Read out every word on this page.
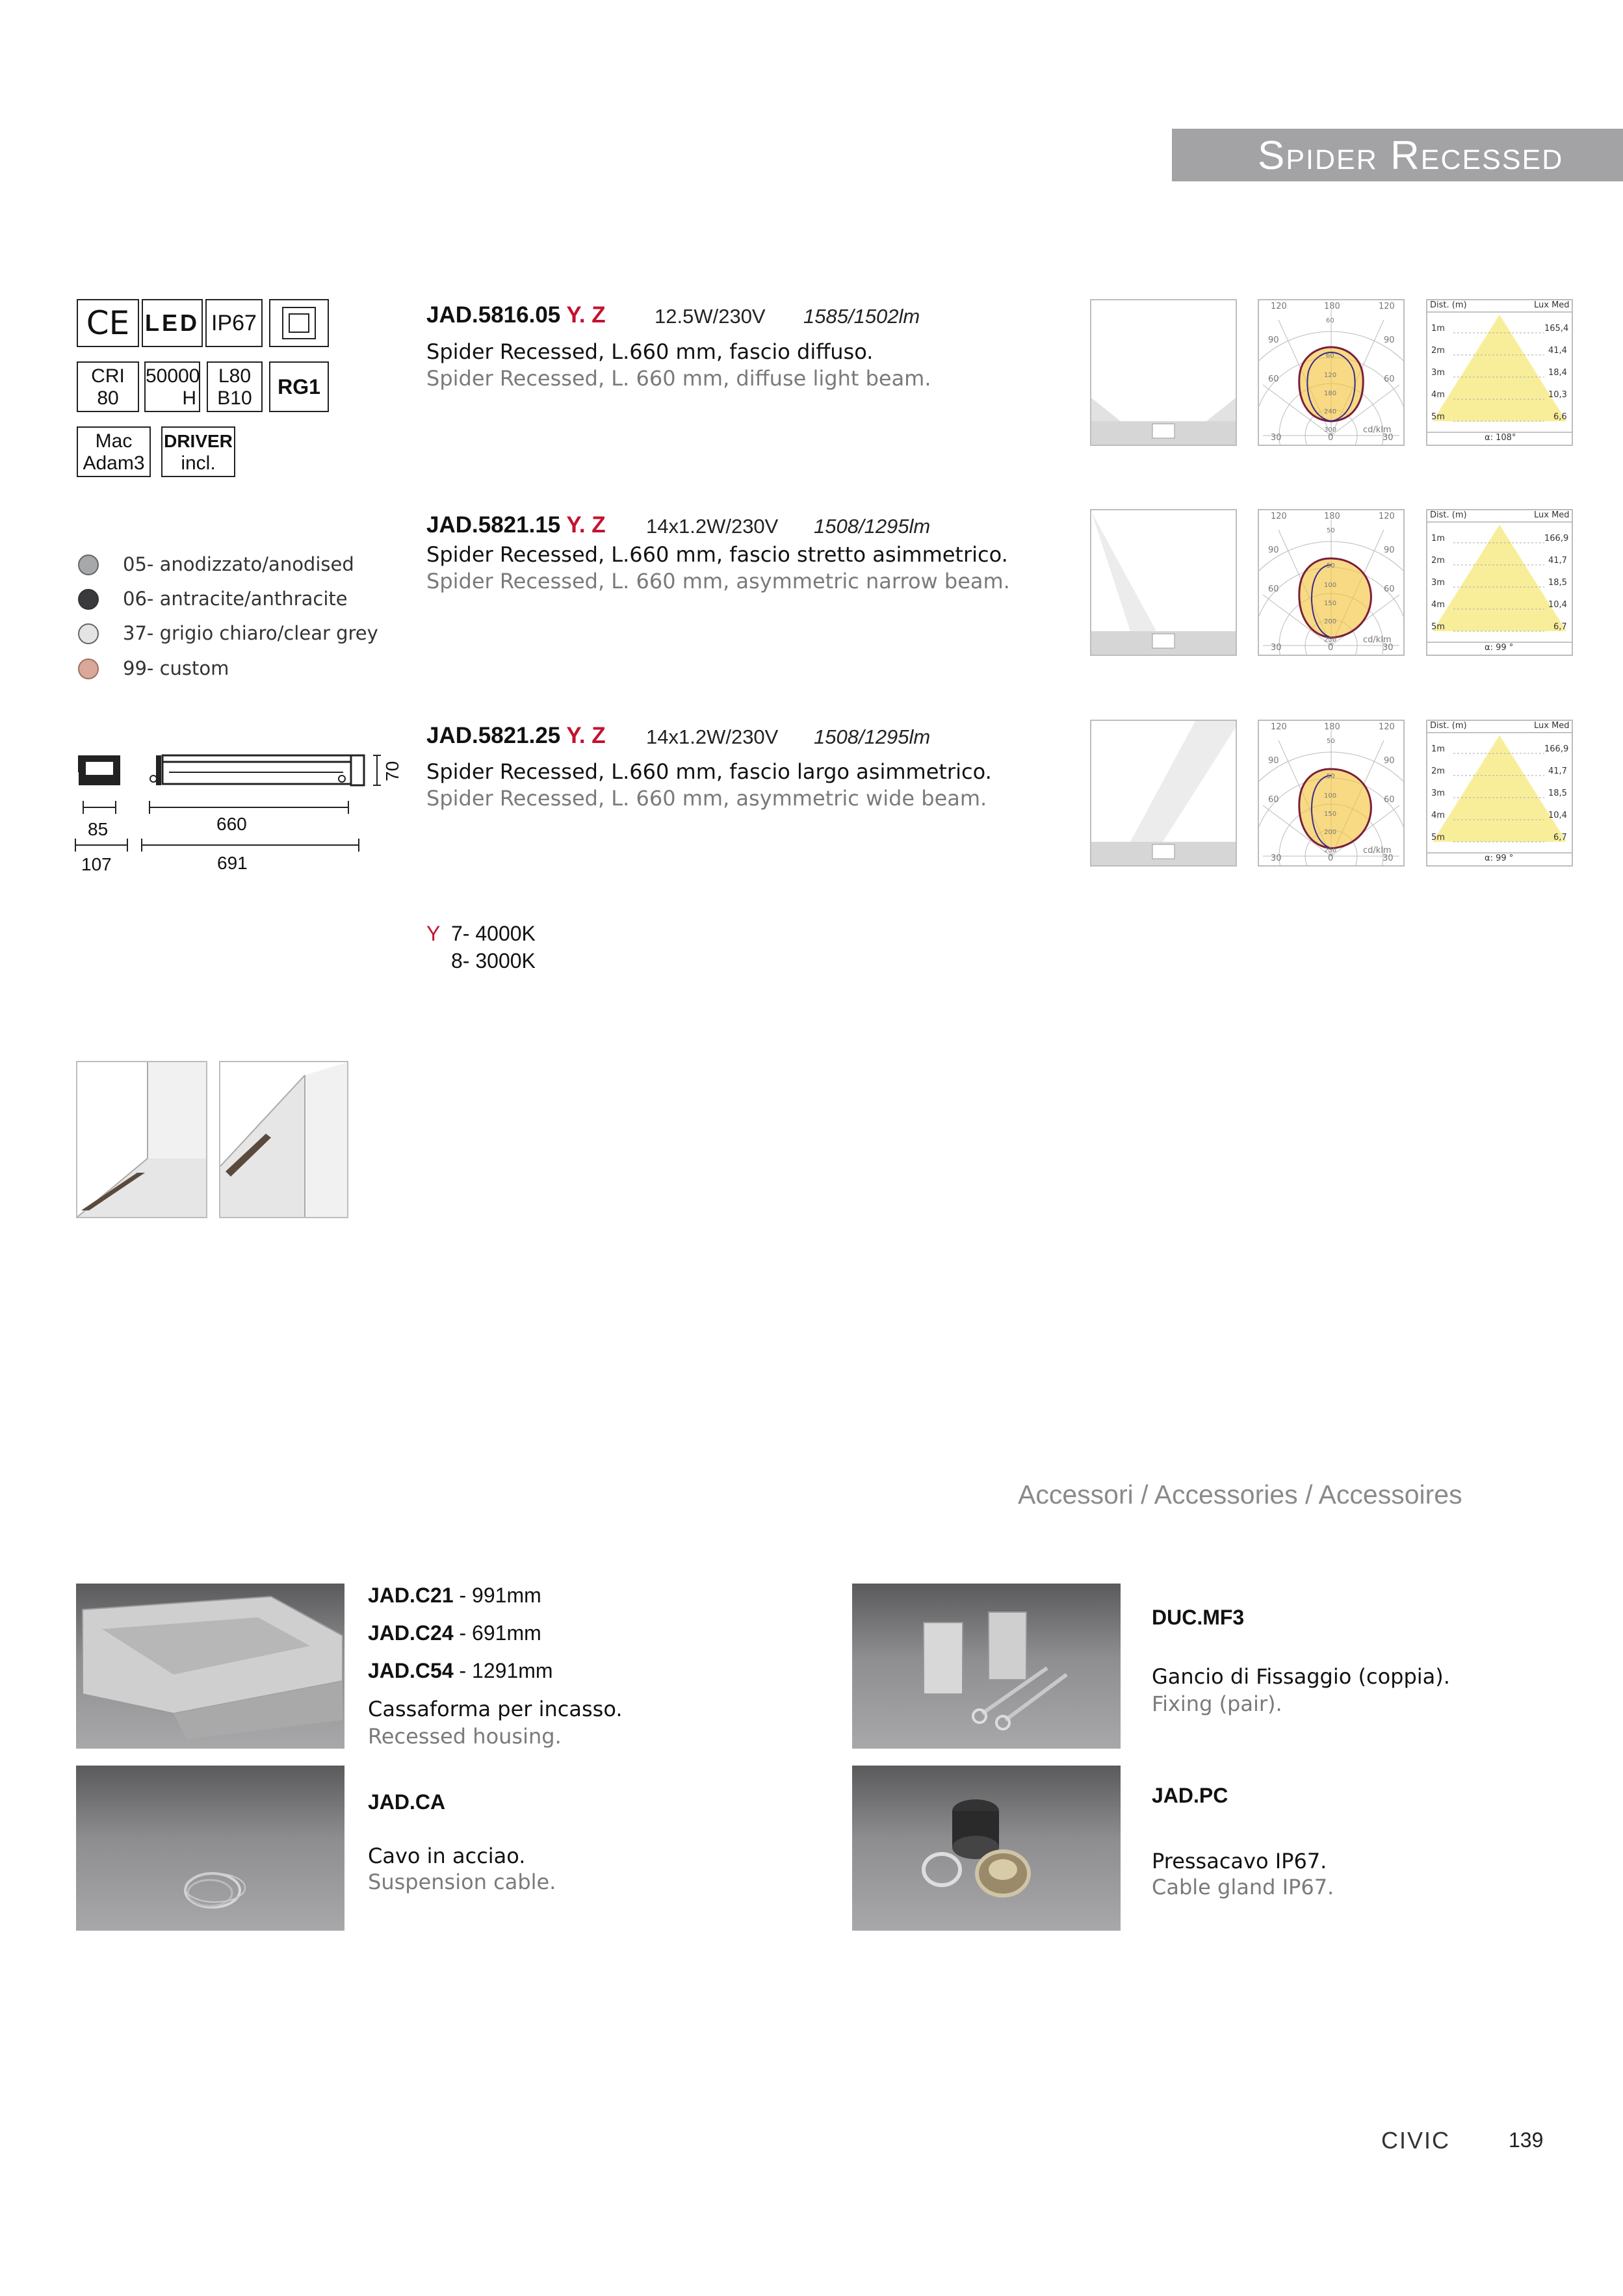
Spider Recessed
CE LED IP67
CRI
80
50000
H
L80
B10	RG1
Mac
Adam3
DRIVER
incl.
05- anodizzato/anodised
06- antracite/anthracite
37- grigio chiaro/clear grey
99- custom
70
660
691
85
107
JAD.5816.05 Y. Z 12.5W/230V 1585/1502lm
Spider Recessed, L.660 mm, fascio diffuso.
Spider Recessed, L. 660 mm, diffuse light beam.
JAD.5821.15 Y. Z 14x1.2W/230V 1508/1295lm
Spider Recessed, L.660 mm, fascio stretto asimmetrico.
Spider Recessed, L. 660 mm, asymmetric narrow beam.
JAD.5821.25 Y. Z 14x1.2W/230V 1508/1295lm
Spider Recessed, L.660 mm, fascio largo asimmetrico.
Spider Recessed, L. 660 mm, asymmetric wide beam.
120	180	120
90	90
60	60
60
60
120
180
240
300
30	0	30
cd/klm
120	180	120
90	90
60	60
50
50
100
150
200
250
30	0	30
cd/klm
120	180	120
90	90
60	60
50
50
100
150
200
250
30	0	30
cd/klm
Dist. (m)	Lux Med
1m	165,4
2m	41,4
3m	18,4
4m	10,3
5m	6,6
α: 108°
Dist. (m)	Lux Med
1m	166,9
2m	41,7
3m	18,5
4m	10,4
5m	6,7
α: 99 °
Dist. (m)	Lux Med
1m	166,9
2m	41,7
3m	18,5
4m	10,4
5m	6,7
α: 99 °
Y 7- 4000K
8- 3000K
Accessori / Accessories / Accessoires
JAD.C21 - 991mm
JAD.C24 - 691mm
JAD.C54 - 1291mm
Cassaforma per incasso.
Recessed housing.
DUC.MF3
Gancio di Fissaggio (coppia).
Fixing (pair).
JAD.CA
Cavo in acciao.
Suspension cable.
JAD.PC
Pressacavo IP67.
Cable gland IP67.
CIVIC	139
